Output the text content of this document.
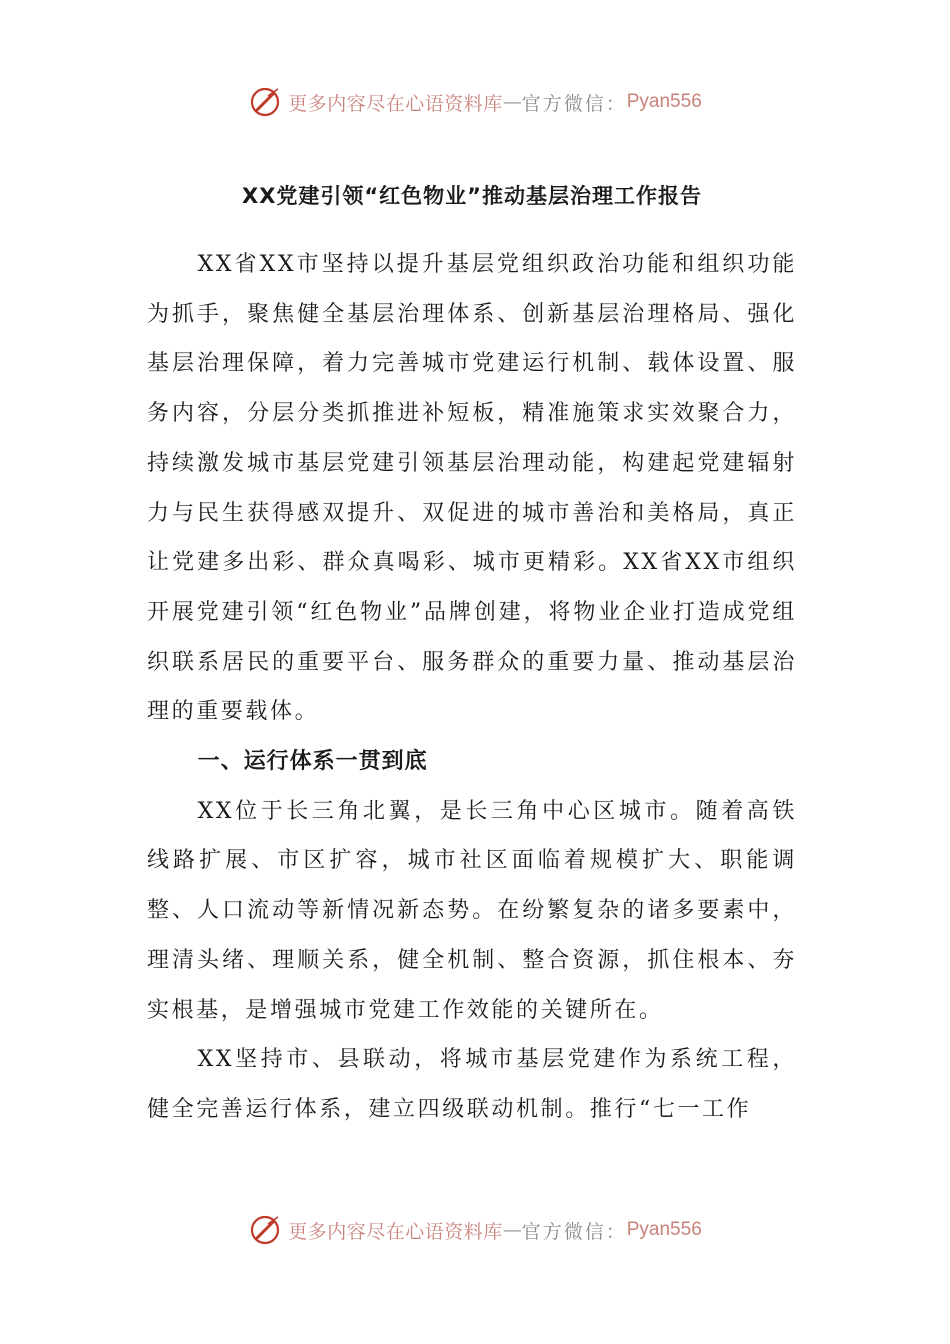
更多内容尽在心语资料库 — 官方微信： Pyan556
XX党建引领“红色物业”推动基层治理工作报告

XX省XX市坚持以提升基层党组织政治功能和组织功能为抓手，聚焦健全基层治理体系、创新基层治理格局、强化基层治理保障，着力完善城市党建运行机制、载体设置、服务内容，分层分类抓推进补短板，精准施策求实效聚合力，持续激发城市基层党建引领基层治理动能，构建起党建辐射力与民生获得感双提升、双促进的城市善治和美格局，真正让党建多出彩、群众真喝彩、城市更精彩。XX省XX市组织开展党建引领“红色物业”品牌创建，将物业企业打造成党组织联系居民的重要平台、服务群众的重要力量、推动基层治理的重要载体。

一、运行体系一贯到底

XX位于长三角北翼，是长三角中心区城市。随着高铁线路扩展、市区扩容，城市社区面临着规模扩大、职能调整、人口流动等新情况新态势。在纷繁复杂的诸多要素中，理清头绪、理顺关系，健全机制、整合资源，抓住根本、夯实根基，是增强城市党建工作效能的关键所在。

XX坚持市、县联动，将城市基层党建作为系统工程，健全完善运行体系，建立四级联动机制。推行“七一工作

更多内容尽在心语资料库 — 官方微信： Pyan556
